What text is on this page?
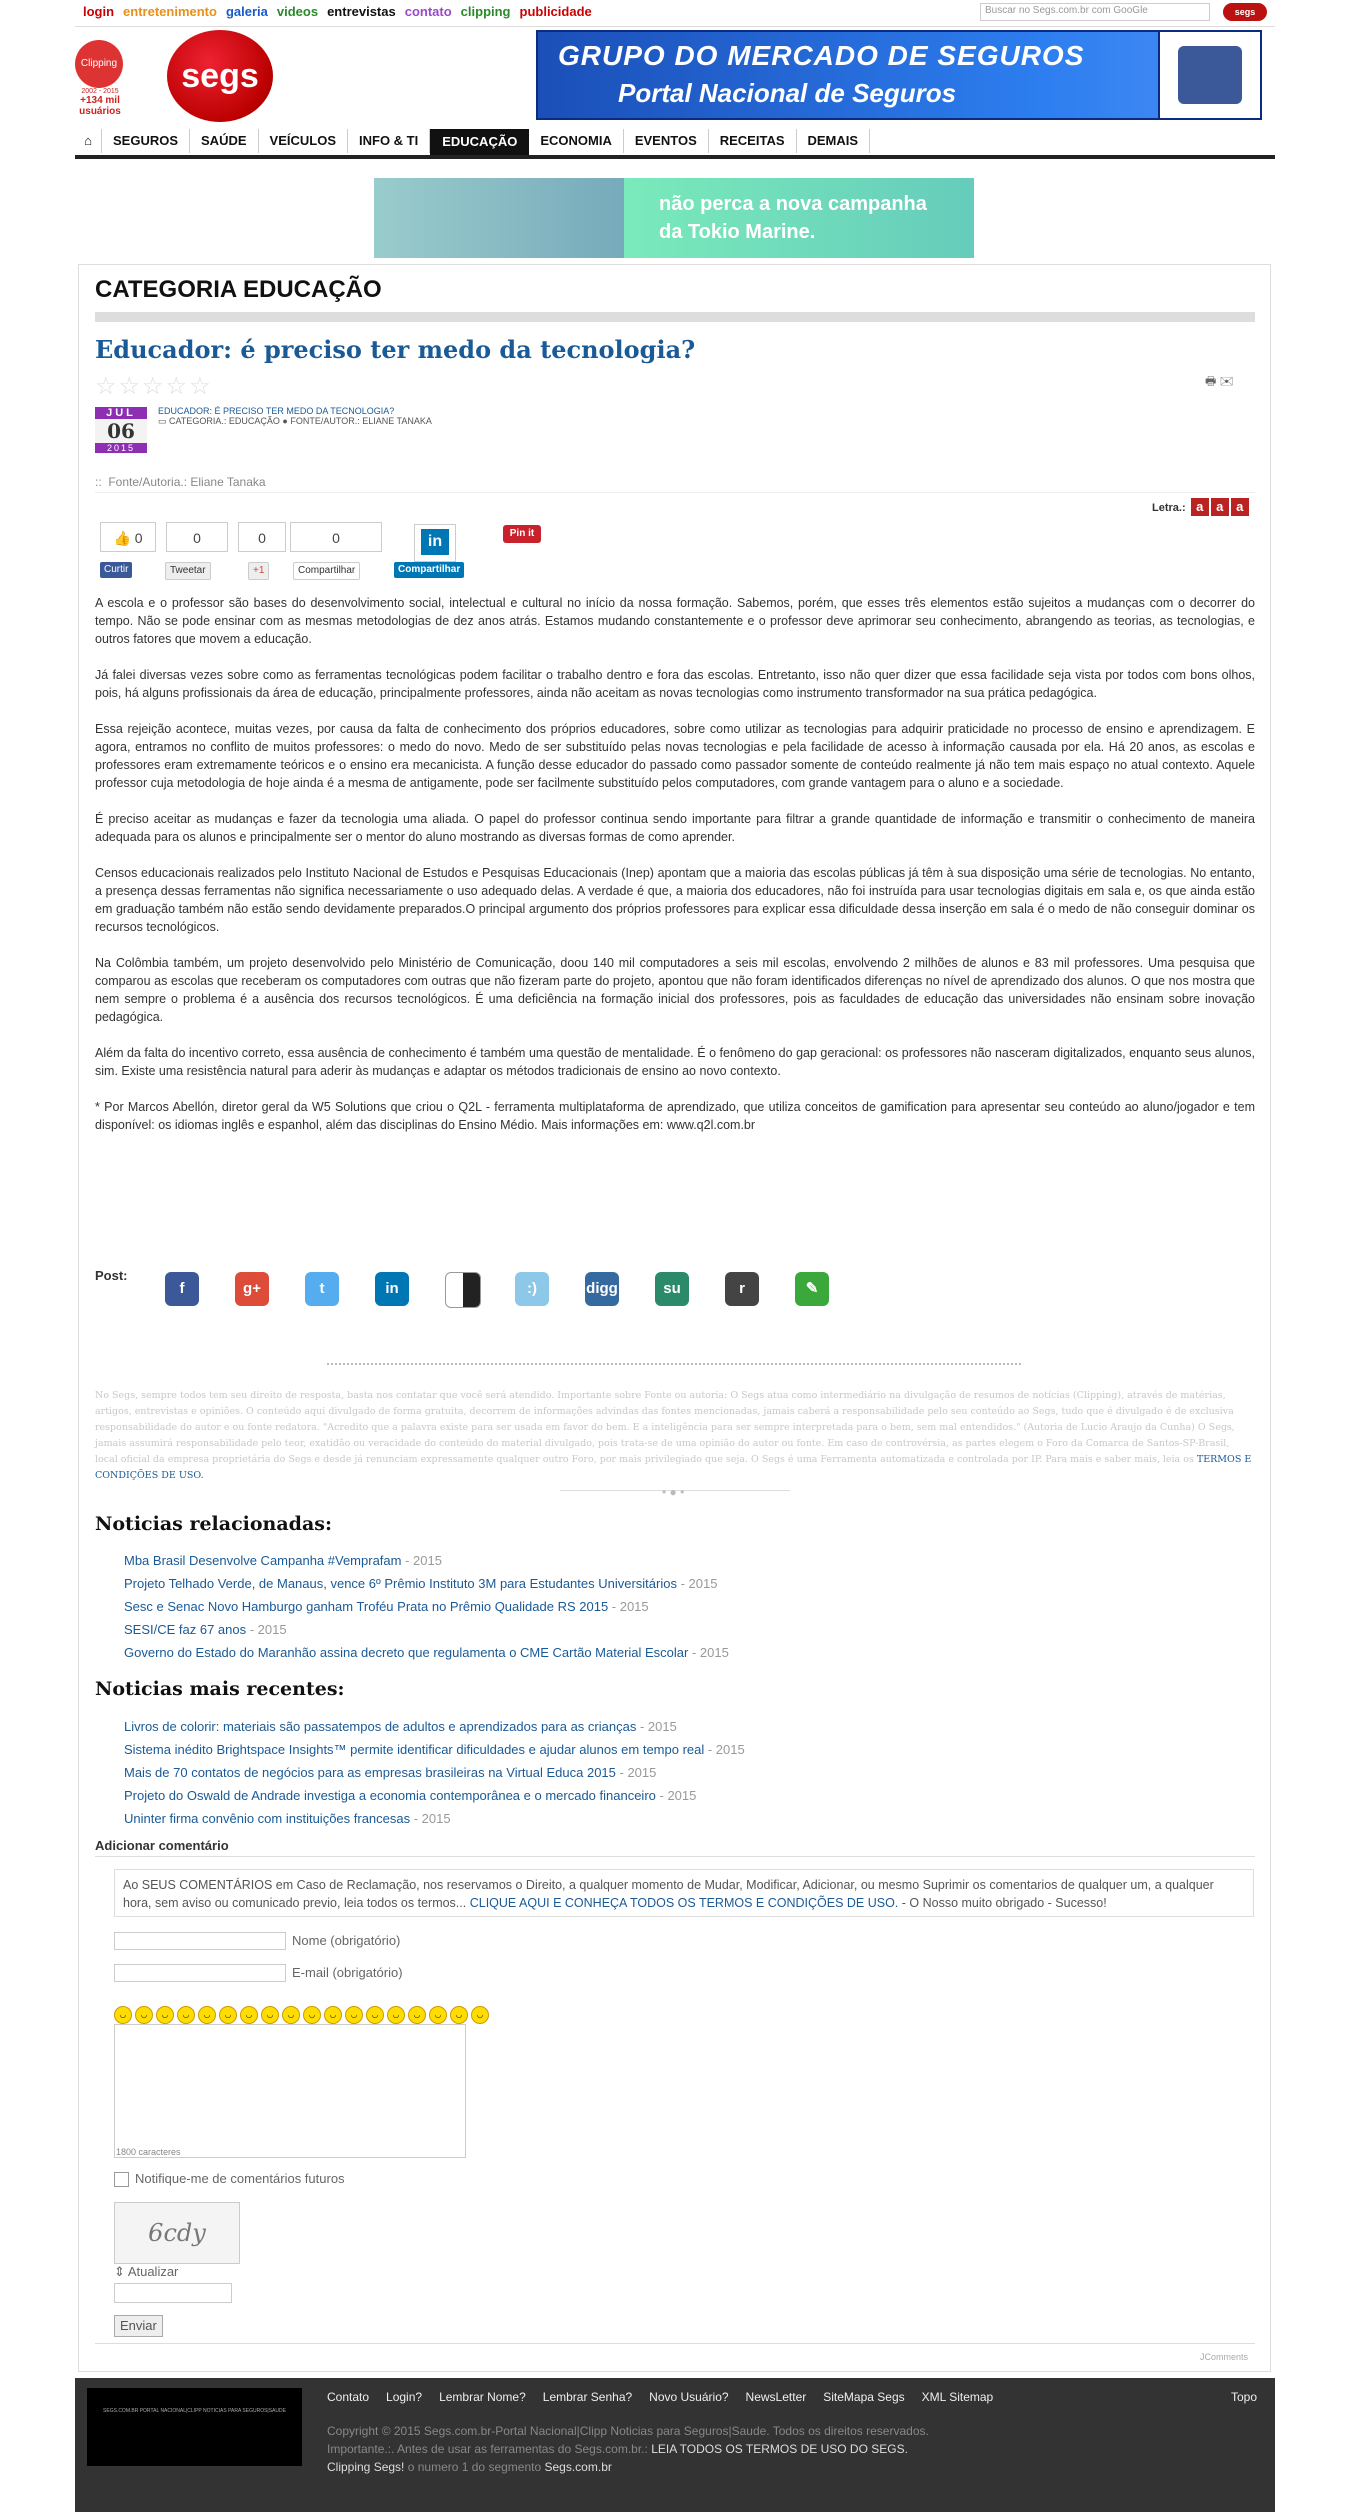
login entretenimento galeria videos entrevistas contato clipping publicidade	Buscar no Segs.com.br com GooGle	segs
Clipping
2002 - 2015
+134 mil usuários
segs
GRUPO DO MERCADO DE SEGUROS
Portal Nacional de Seguros
⌂	SEGUROS	SAÚDE	VEÍCULOS	INFO & TI	EDUCAÇÃO	ECONOMIA	EVENTOS	RECEITAS	DEMAIS
não perca a nova campanha
da Tokio Marine.
CATEGORIA EDUCAÇÃO
Educador: é preciso ter medo da tecnologia?
☆☆☆☆☆	🖶 ✉
JUL
06
2015
EDUCADOR: É PRECISO TER MEDO DA TECNOLOGIA?
▭ CATEGORIA.: EDUCAÇÃO ● FONTE/AUTOR.: ELIANE TANAKA
:: Fonte/Autoria.: Eliane Tanaka
Letra.: a a a
👍 0	0	0	0	in	Pin it
Curtir	Tweetar	+1	Compartilhar	Compartilhar

A escola e o professor são bases do desenvolvimento social, intelectual e cultural no início da nossa formação. Sabemos, porém, que esses três elementos estão sujeitos a mudanças com o decorrer do tempo. Não se pode ensinar com as mesmas metodologias de dez anos atrás. Estamos mudando constantemente e o professor deve aprimorar seu conhecimento, abrangendo as teorias, as tecnologias, e outros fatores que movem a educação.

Já falei diversas vezes sobre como as ferramentas tecnológicas podem facilitar o trabalho dentro e fora das escolas. Entretanto, isso não quer dizer que essa facilidade seja vista por todos com bons olhos, pois, há alguns profissionais da área de educação, principalmente professores, ainda não aceitam as novas tecnologias como instrumento transformador na sua prática pedagógica.

Essa rejeição acontece, muitas vezes, por causa da falta de conhecimento dos próprios educadores, sobre como utilizar as tecnologias para adquirir praticidade no processo de ensino e aprendizagem. E agora, entramos no conflito de muitos professores: o medo do novo. Medo de ser substituído pelas novas tecnologias e pela facilidade de acesso à informação causada por ela. Há 20 anos, as escolas e professores eram extremamente teóricos e o ensino era mecanicista. A função desse educador do passado como passador somente de conteúdo realmente já não tem mais espaço no atual contexto. Aquele professor cuja metodologia de hoje ainda é a mesma de antigamente, pode ser facilmente substituído pelos computadores, com grande vantagem para o aluno e a sociedade.

É preciso aceitar as mudanças e fazer da tecnologia uma aliada. O papel do professor continua sendo importante para filtrar a grande quantidade de informação e transmitir o conhecimento de maneira adequada para os alunos e principalmente ser o mentor do aluno mostrando as diversas formas de como aprender.

Censos educacionais realizados pelo Instituto Nacional de Estudos e Pesquisas Educacionais (Inep) apontam que a maioria das escolas públicas já têm à sua disposição uma série de tecnologias. No entanto, a presença dessas ferramentas não significa necessariamente o uso adequado delas. A verdade é que, a maioria dos educadores, não foi instruída para usar tecnologias digitais em sala e, os que ainda estão em graduação também não estão sendo devidamente preparados.O principal argumento dos próprios professores para explicar essa dificuldade dessa inserção em sala é o medo de não conseguir dominar os recursos tecnológicos.

Na Colômbia também, um projeto desenvolvido pelo Ministério de Comunicação, doou 140 mil computadores a seis mil escolas, envolvendo 2 milhões de alunos e 83 mil professores. Uma pesquisa que comparou as escolas que receberam os computadores com outras que não fizeram parte do projeto, apontou que não foram identificados diferenças no nível de aprendizado dos alunos. O que nos mostra que nem sempre o problema é a ausência dos recursos tecnológicos. É uma deficiência na formação inicial dos professores, pois as faculdades de educação das universidades não ensinam sobre inovação pedagógica.

Além da falta do incentivo correto, essa ausência de conhecimento é também uma questão de mentalidade. É o fenômeno do gap geracional: os professores não nasceram digitalizados, enquanto seus alunos, sim. Existe uma resistência natural para aderir às mudanças e adaptar os métodos tradicionais de ensino ao novo contexto.

* Por Marcos Abellón, diretor geral da W5 Solutions que criou o Q2L - ferramenta multiplataforma de aprendizado, que utiliza conceitos de gamification para apresentar seu conteúdo ao aluno/jogador e tem disponível: os idiomas inglês e espanhol, além das disciplinas do Ensino Médio. Mais informações em: www.q2l.com.br

Post:
f	g+	t	in	:)	digg	su	r	✎
No Segs, sempre todos tem seu direito de resposta, basta nos contatar que você será atendido. Importante sobre Fonte ou autoria: O Segs atua como intermediário na divulgação de resumos de notícias (Clipping), através de matérias, artigos, entrevistas e opiniões. O conteúdo aqui divulgado de forma gratuita, decorrem de informações advindas das fontes mencionadas, jamais caberá a responsabilidade pelo seu conteúdo ao Segs, tudo que é divulgado é de exclusiva responsabilidade do autor e ou fonte redatora. "Acredito que a palavra existe para ser usada em favor do bem. E a inteligência para ser sempre interpretada para o bem, sem mal entendidos." (Autoria de Lucio Araujo da Cunha) O Segs, jamais assumirá responsabilidade pelo teor, exatidão ou veracidade do conteúdo do material divulgado, pois trata-se de uma opinião do autor ou fonte. Em caso de controvérsia, as partes elegem o Foro da Comarca de Santos-SP-Brasil, local oficial da empresa proprietária do Segs e desde já renunciam expressamente qualquer outro Foro, por mais privilegiado que seja. O Segs é uma Ferramenta automatizada e controlada por IP. Para mais e saber mais, leia os TERMOS E CONDIÇÕES DE USO.
• ● •
Noticias relacionadas:
Mba Brasil Desenvolve Campanha #Vemprafam - 2015
Projeto Telhado Verde, de Manaus, vence 6º Prêmio Instituto 3M para Estudantes Universitários - 2015
Sesc e Senac Novo Hamburgo ganham Troféu Prata no Prêmio Qualidade RS 2015 - 2015
SESI/CE faz 67 anos - 2015
Governo do Estado do Maranhão assina decreto que regulamenta o CME Cartão Material Escolar - 2015
Noticias mais recentes:
Livros de colorir: materiais são passatempos de adultos e aprendizados para as crianças - 2015
Sistema inédito Brightspace Insights™ permite identificar dificuldades e ajudar alunos em tempo real - 2015
Mais de 70 contatos de negócios para as empresas brasileiras na Virtual Educa 2015 - 2015
Projeto do Oswald de Andrade investiga a economia contemporânea e o mercado financeiro - 2015
Uninter firma convênio com instituições francesas - 2015
Adicionar comentário
Ao SEUS COMENTÁRIOS em Caso de Reclamação, nos reservamos o Direito, a qualquer momento de Mudar, Modificar, Adicionar, ou mesmo Suprimir os comentarios de qualquer um, a qualquer hora, sem aviso ou comunicado previo, leia todos os termos... CLIQUE AQUI E CONHEÇA TODOS OS TERMOS E CONDIÇÕES DE USO. - O Nosso muito obrigado - Sucesso!
Nome (obrigatório)
E-mail (obrigatório)
◡ ◡ ◡ ◡ ◡ ◡ ◡ ◡ ◡ ◡ ◡ ◡ ◡ ◡ ◡ ◡ ◡ ◡
1800 caracteres
Notifique-me de comentários futuros
6cdy
⇕ Atualizar
Enviar
JComments
SEGS.COM.BR PORTAL NACIONAL|CLIPP NOTICIAS PARA SEGUROS|SAUDE
Contato Login? Lembrar Nome? Lembrar Senha? Novo Usuário? NewsLetter SiteMapa Segs XML Sitemap	Topo
Copyright © 2015 Segs.com.br-Portal Nacional|Clipp Noticias para Seguros|Saude. Todos os direitos reservados.
Importante.:. Antes de usar as ferramentas do Segs.com.br.: LEIA TODOS OS TERMOS DE USO DO SEGS.
Clipping Segs! o numero 1 do segmento Segs.com.br
